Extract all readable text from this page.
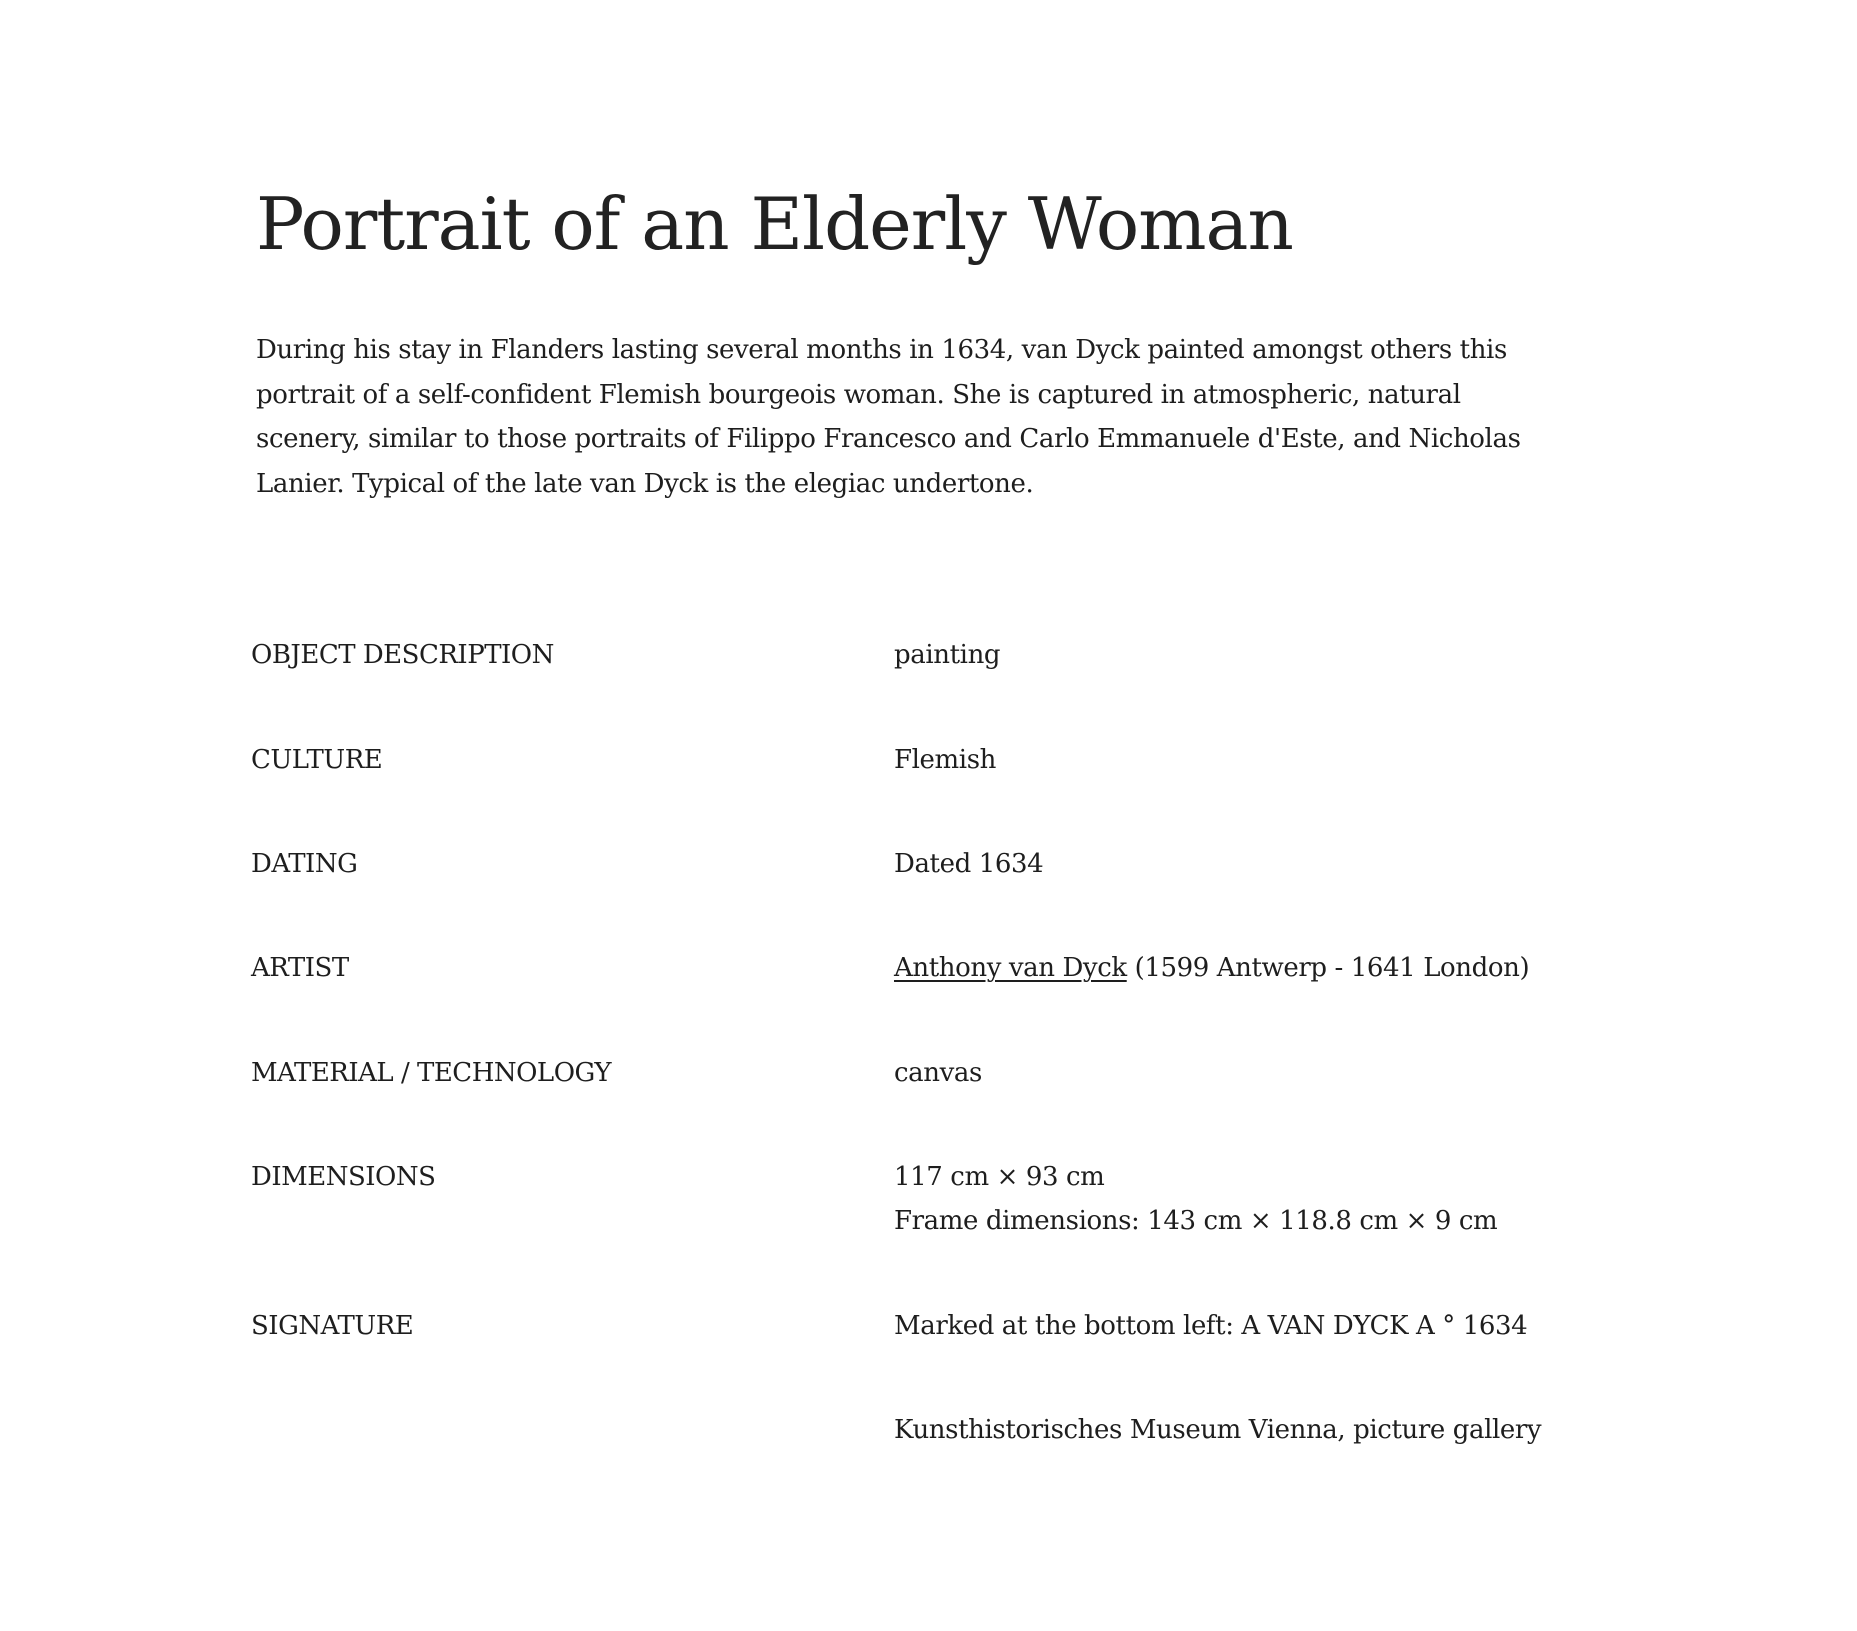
Portrait of an Elderly Woman

During his stay in Flanders lasting several months in 1634, van Dyck painted amongst others this portrait of a self-confident Flemish bourgeois woman. She is captured in atmospheric, natural scenery, similar to those portraits of Filippo Francesco and Carlo Emmanuele d'Este, and Nicholas Lanier. Typical of the late van Dyck is the elegiac undertone.

OBJECT DESCRIPTION	painting
CULTURE	Flemish
DATING	Dated 1634
ARTIST	Anthony van Dyck (1599 Antwerp - 1641 London)
MATERIAL / TECHNOLOGY	canvas
DIMENSIONS	117 cm × 93 cm
Frame dimensions: 143 cm × 118.8 cm × 9 cm
SIGNATURE	Marked at the bottom left: A VAN DYCK A ° 1634
Kunsthistorisches Museum Vienna, picture gallery
